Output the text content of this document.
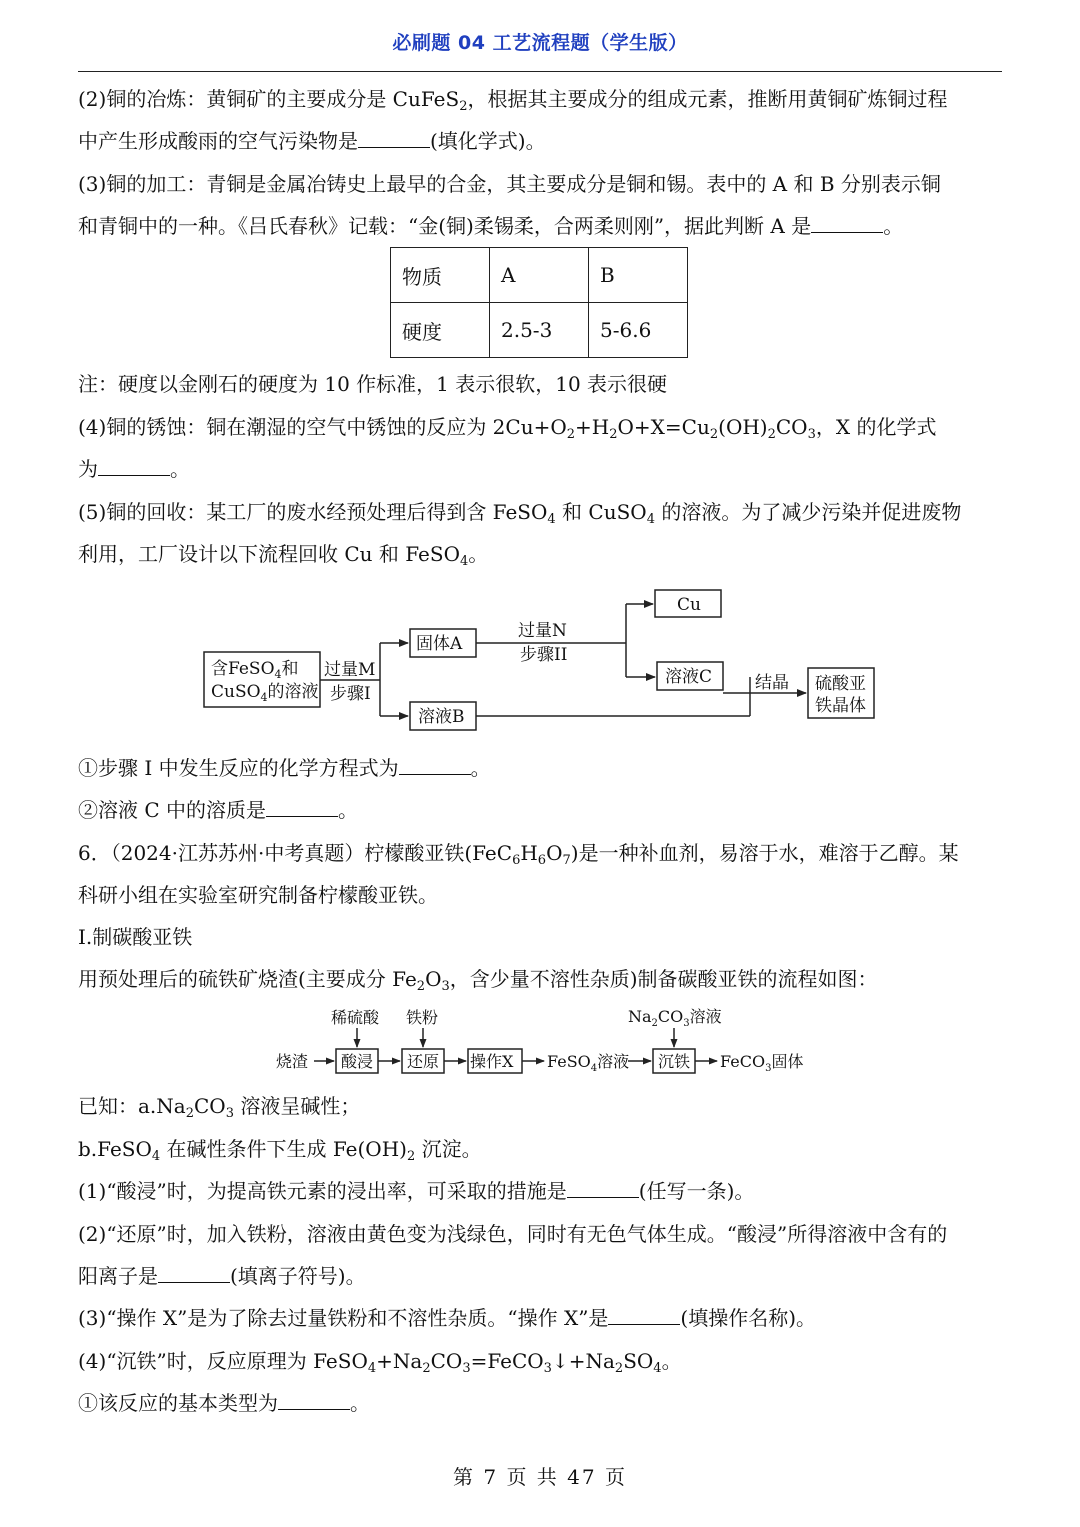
必刷题 04 工艺流程题（学生版）
(2)铜的冶炼：黄铜矿的主要成分是 CuFeS$_2$，根据其主要成分的组成元素，推断用黄铜矿炼铜过程
中产生形成酸雨的空气污染物是	(填化学式)。
(3)铜的加工：青铜是金属冶铸史上最早的合金，其主要成分是铜和锡。表中的 A 和 B 分别表示铜
和青铜中的一种。《吕氏春秋》记载：“金(铜)柔锡柔，合两柔则刚”，据此判断 A 是	。
物质	A	B
硬度	2.5-3	5-6.6
注：硬度以金刚石的硬度为 10 作标准，1 表示很软，10 表示很硬
(4)铜的锈蚀：铜在潮湿的空气中锈蚀的反应为 $2Cu+O_2+H_2O+X=Cu_2(OH)_2CO_3$，X 的化学式
为	。
(5)铜的回收：某工厂的废水经预处理后得到含 FeSO$_4$ 和 CuSO$_4$ 的溶液。为了减少污染并促进废物
利用，工厂设计以下流程回收 Cu 和 FeSO$_4$。
含FeSO$_4$和
CuSO$_4$的溶液
过量M
步骤I
固体A
溶液B
过量N
步骤II
Cu
溶液C	结晶 硫酸亚
铁晶体
①步骤 I 中发生反应的化学方程式为	。
②溶液 C 中的溶质是	。
6．（2024·江苏苏州·中考真题）柠檬酸亚铁$(FeC_6H_6O_7)$是一种补血剂，易溶于水，难溶于乙醇。某
科研小组在实验室研究制备柠檬酸亚铁。
I.制碳酸亚铁
用预处理后的硫铁矿烧渣(主要成分 $Fe_2O_3$，含少量不溶性杂质)制备碳酸亚铁的流程如图：
稀硫酸 铁粉	$Na_2CO_3$溶液
烧渣 酸浸 还原 操作X FeSO$_4$溶液 沉铁 FeCO$_3$固体
已知：$a.Na_2CO_3$ 溶液呈碱性；
b.FeSO$_4$ 在碱性条件下生成 $Fe(OH)_2$ 沉淀。
(1)“酸浸”时，为提高铁元素的浸出率，可采取的措施是	(任写一条)。
(2)“还原”时，加入铁粉，溶液由黄色变为浅绿色，同时有无色气体生成。“酸浸”所得溶液中含有的
阳离子是	(填离子符号)。
(3)“操作 X”是为了除去过量铁粉和不溶性杂质。“操作 X”是	(填操作名称)。
(4)“沉铁”时，反应原理为 $FeSO_4+Na_2CO_3=FeCO_3↓+Na_2SO_4$。
①该反应的基本类型为	。
第 7 页 共 47 页
